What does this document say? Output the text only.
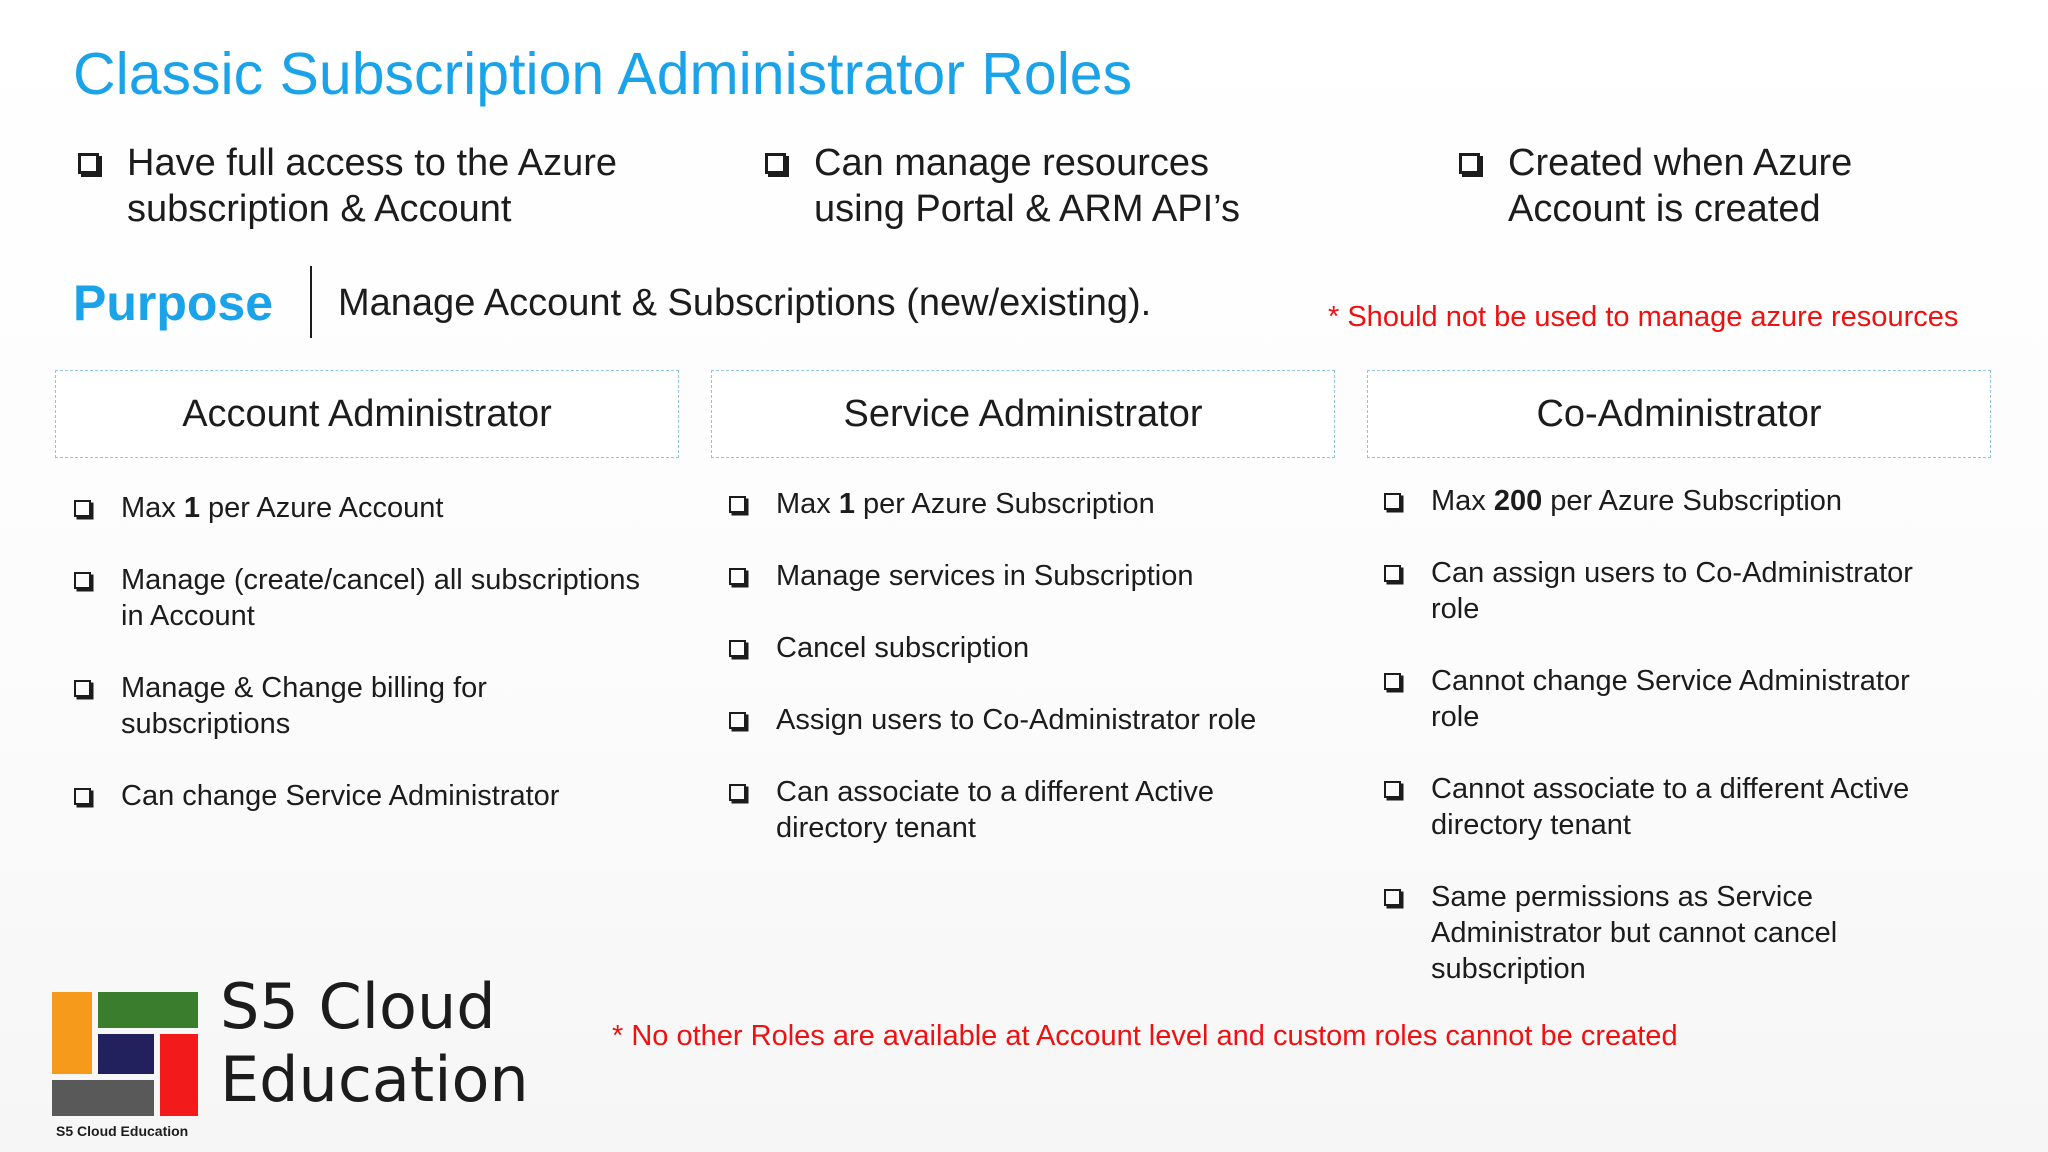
Classic Subscription Administrator Roles
Have full access to the Azure
subscription & Account
Can manage resources
using Portal & ARM API’s
Created when Azure
Account is created
Purpose Manage Account & Subscriptions (new/existing).	* Should not be used to manage azure resources
Account Administrator	Service Administrator	Co-Administrator
Max 1 per Azure Account
Manage (create/cancel) all subscriptions
in Account
Manage & Change billing for
subscriptions
Can change Service Administrator
Max 1 per Azure Subscription
Manage services in Subscription
Cancel subscription
Assign users to Co-Administrator role
Can associate to a different Active
directory tenant
Max 200 per Azure Subscription
Can assign users to Co-Administrator
role
Cannot change Service Administrator
role
Cannot associate to a different Active
directory tenant
Same permissions as Service
Administrator but cannot cancel
subscription
* No other Roles are available at Account level and custom roles cannot be created
S5 Cloud
Education
S5 Cloud Education
